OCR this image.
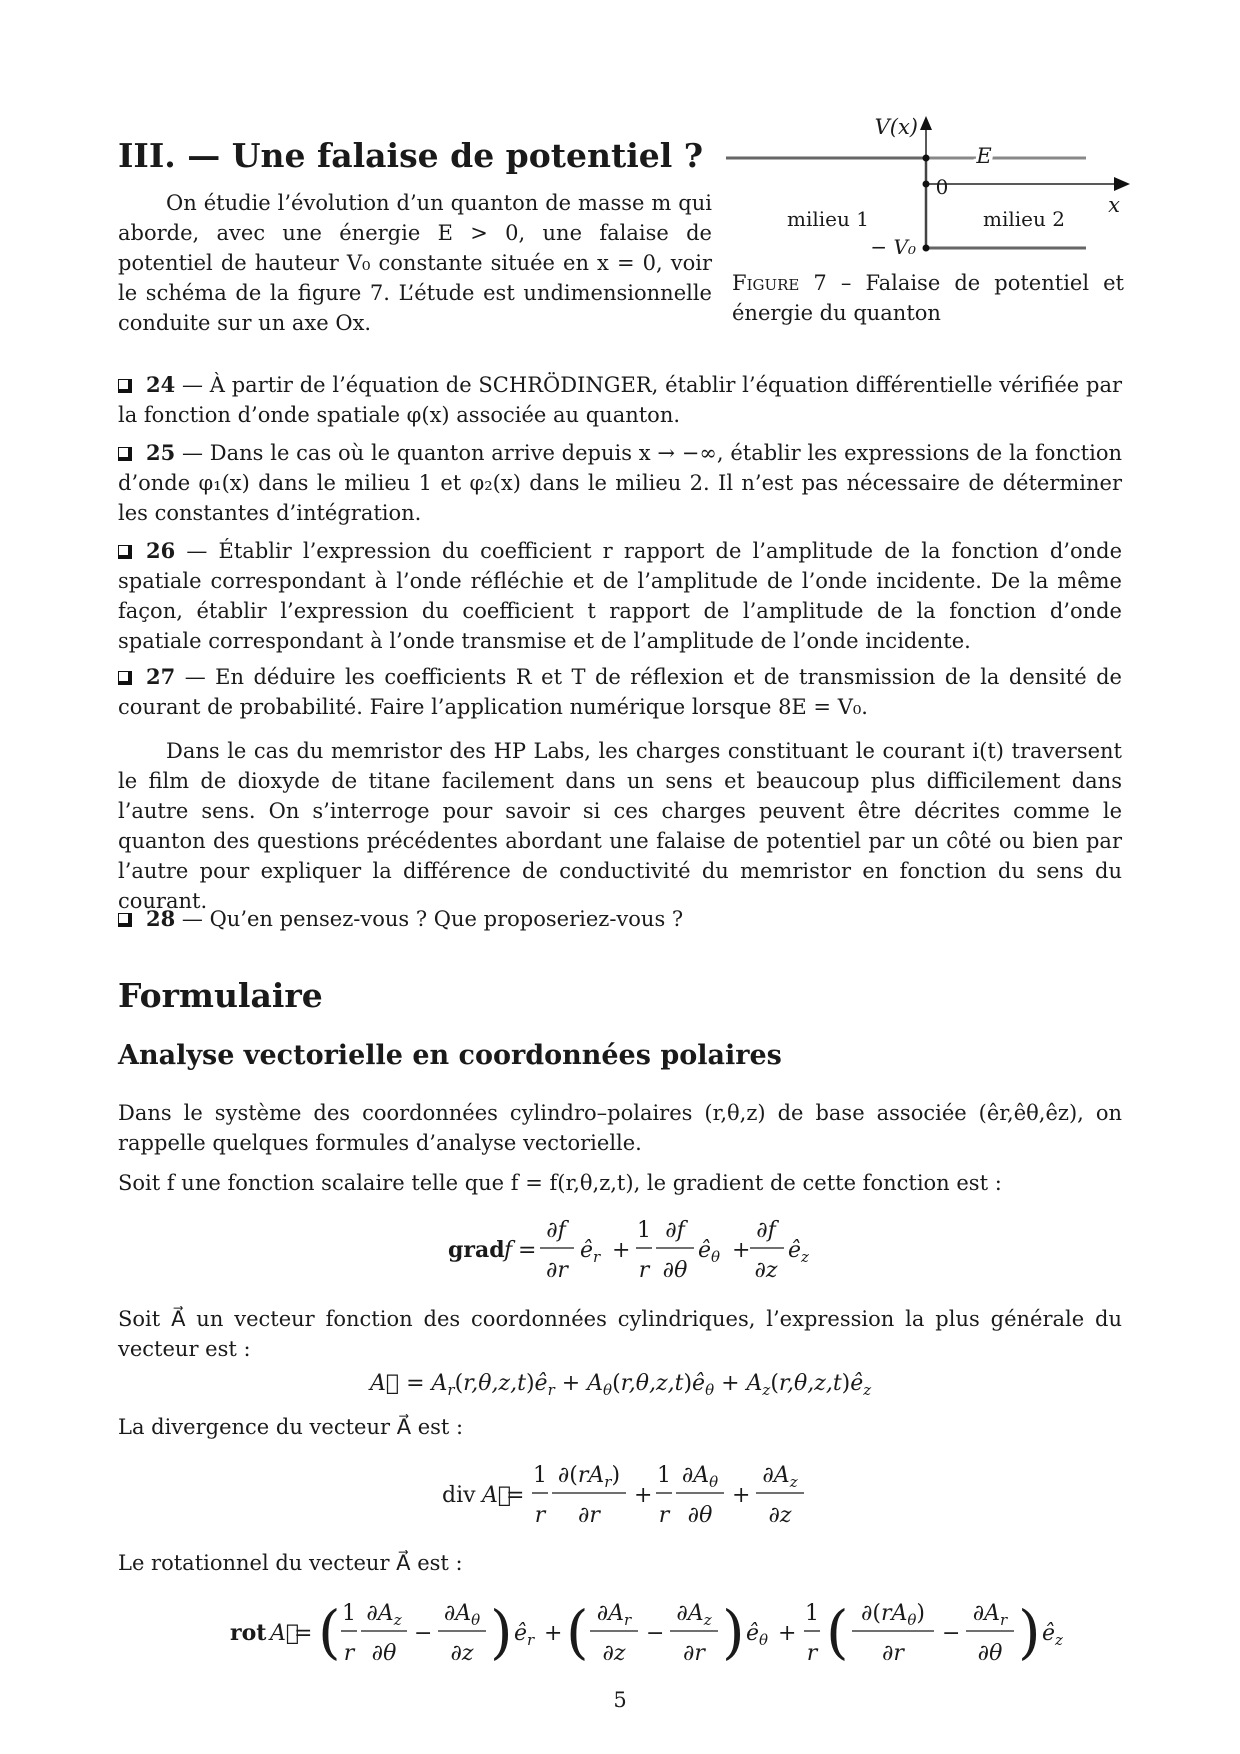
III. — Une falaise de potentiel ?

On étudie l’évolution d’un quanton de masse m qui aborde, avec une énergie E > 0, une falaise de potentiel de hauteur V₀ constante située en x = 0, voir le schéma de la figure 7. L’étude est undimensionnelle conduite sur un axe Ox.

V(x)
E
0
x
milieu 1	milieu 2
− V₀

Figure 7 – Falaise de potentiel et énergie du quanton

24 — À partir de l’équation de SCHRÖDINGER, établir l’équation différentielle vérifiée par la fonction d’onde spatiale φ(x) associée au quanton.

25 — Dans le cas où le quanton arrive depuis x → −∞, établir les expressions de la fonction d’onde φ₁(x) dans le milieu 1 et φ₂(x) dans le milieu 2. Il n’est pas nécessaire de déterminer les constantes d’intégration.

26 — Établir l’expression du coefficient r rapport de l’amplitude de la fonction d’onde spatiale correspondant à l’onde réfléchie et de l’amplitude de l’onde incidente. De la même façon, établir l’expression du coefficient t rapport de l’amplitude de la fonction d’onde spatiale correspondant à l’onde transmise et de l’amplitude de l’onde incidente.

27 — En déduire les coefficients R et T de réflexion et de transmission de la densité de courant de probabilité. Faire l’application numérique lorsque 8E = V₀.

Dans le cas du memristor des HP Labs, les charges constituant le courant i(t) traversent le film de dioxyde de titane facilement dans un sens et beaucoup plus difficilement dans l’autre sens. On s’interroge pour savoir si ces charges peuvent être décrites comme le quanton des questions précédentes abordant une falaise de potentiel par un côté ou bien par l’autre pour expliquer la différence de conductivité du memristor en fonction du sens du courant.

28 — Qu’en pensez-vous ? Que proposeriez-vous ?

Formulaire
Analyse vectorielle en coordonnées polaires

Dans le système des coordonnées cylindro–polaires (r,θ,z) de base associée (êr,êθ,êz), on rappelle quelques formules d’analyse vectorielle.

Soit f une fonction scalaire telle que f = f(r,θ,z,t), le gradient de cette fonction est :

grad f =
∂f
∂r
$ê_r$ +
1
r
∂f
∂θ
$ê_\theta$ +
∂f
∂z
$ê_z$

Soit A⃗ un vecteur fonction des coordonnées cylindriques, l’expression la plus générale du vecteur est :

A⃗ = $A_r(r,\theta,z,t)ê_r$ + $A_\theta(r,\theta,z,t)ê_\theta$ + $A_z(r,\theta,z,t)ê_z$

La divergence du vecteur A⃗ est :

div A⃗
=
1
r
$\partial(rA_r)$
∂r
+
1
r
$\partial A_\theta$
∂θ
+
$\partial A_z$
∂z

Le rotationnel du vecteur A⃗ est :

rot A⃗
= ( 1
r
$\partial A_z$
∂θ
−
$\partial A_\theta$
∂z ) $ê_r$ + ( $\partial A_r$
∂z
−
$\partial A_z$
∂r ) $ê_\theta$ +
1
r ( $\partial(rA_\theta)$
∂r
−
$\partial A_r$
∂θ ) $ê_z$
5
